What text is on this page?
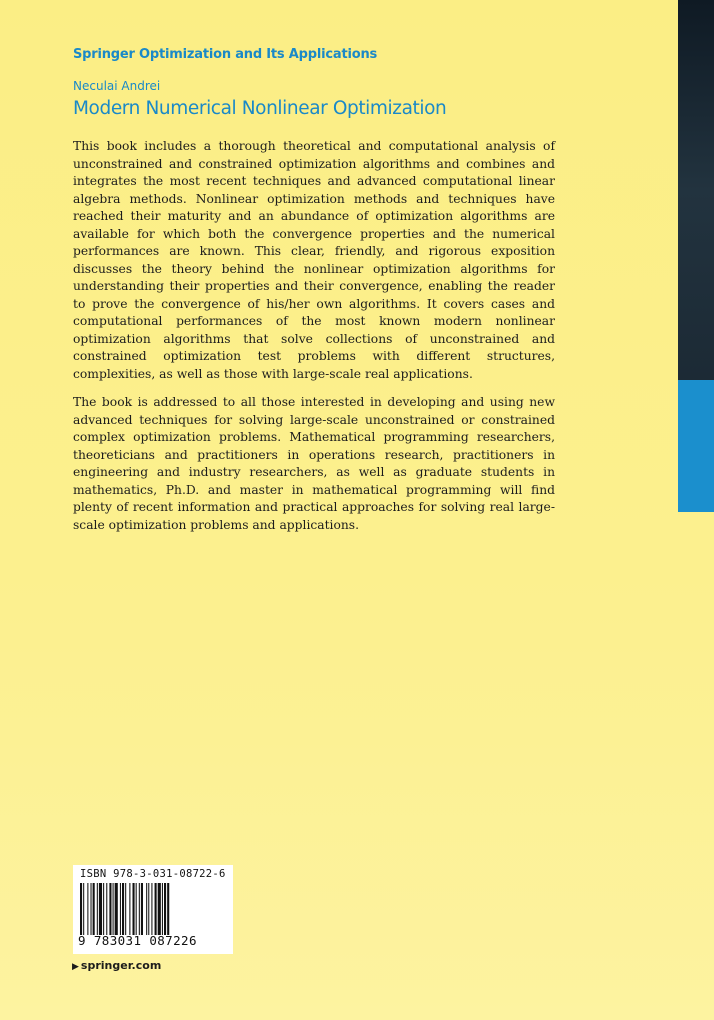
Springer Optimization and Its Applications
Neculai Andrei
Modern Numerical Nonlinear Optimization

This book includes a thorough theoretical and computational analysis of unconstrained and constrained optimization algorithms and combines and integrates the most recent techniques and advanced computational linear algebra methods. Nonlinear optimization methods and techniques have reached their maturity and an abundance of optimization algorithms are available for which both the convergence properties and the numerical performances are known. This clear, friendly, and rigorous exposition discusses the theory behind the nonlinear optimization algorithms for understanding their properties and their convergence, enabling the reader to prove the convergence of his/her own algorithms. It covers cases and computational performances of the most known modern nonlinear optimization algorithms that solve collections of unconstrained and constrained optimization test problems with different structures, complexities, as well as those with large-scale real applications.

The book is addressed to all those interested in developing and using new advanced techniques for solving large-scale unconstrained or constrained complex optimization problems. Mathematical programming researchers, theoreticians and practitioners in operations research, practitioners in engineering and industry researchers, as well as graduate students in mathematics, Ph.D. and master in mathematical programming will find plenty of recent information and practical approaches for solving real large-scale optimization problems and applications.

ISBN 978-3-031-08722-6
9 783031 087226
▶ springer.com
